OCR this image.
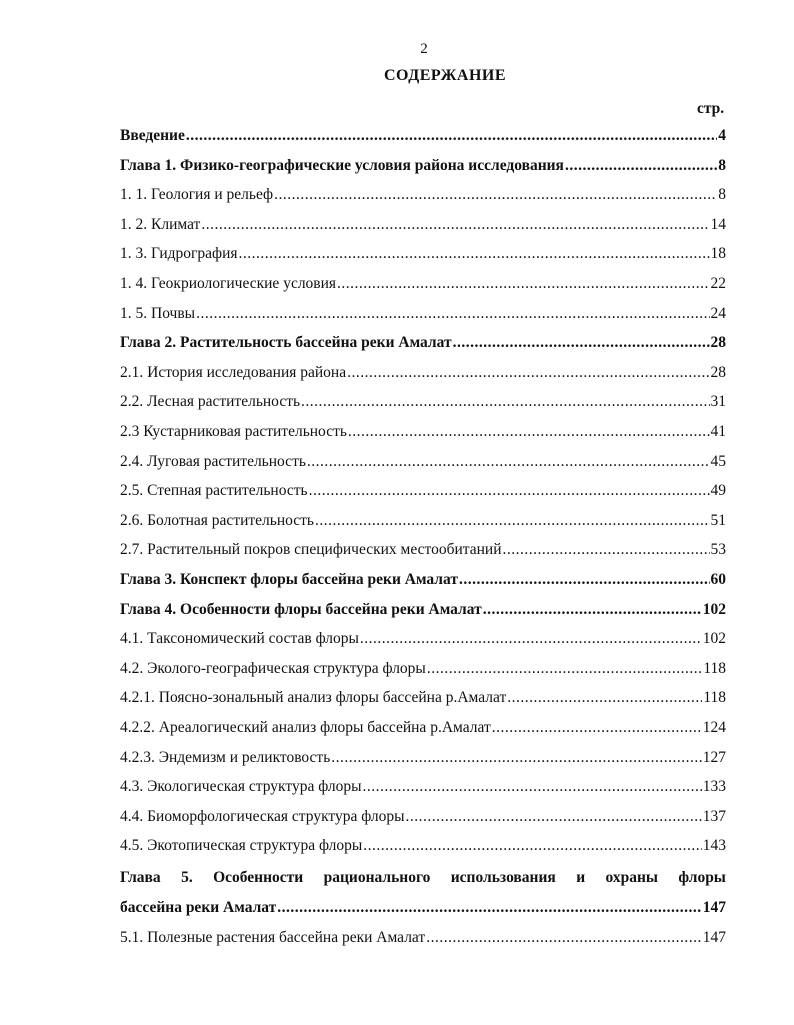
2
СОДЕРЖАНИЕ
стр.
Введение .....	4
Глава 1. Физико-географические условия района исследования .....	8
1. 1. Геология и рельеф .....	8
1. 2. Климат .....	14
1. 3. Гидрография .....	18
1. 4. Геокриологические условия .....	22
1. 5. Почвы .....	24
Глава 2. Растительность бассейна реки Амалат .....	28
2.1. История исследования района .....	28
2.2. Лесная растительность .....	31
2.3 Кустарниковая растительность .....	41
2.4. Луговая растительность .....	45
2.5. Степная растительность .....	49
2.6. Болотная растительность .....	51
2.7. Растительный покров специфических местообитаний .....	53
Глава 3. Конспект флоры бассейна реки Амалат .....	60
Глава 4. Особенности флоры бассейна реки Амалат .....	102
4.1. Таксономический состав флоры .....	102
4.2. Эколого-географическая структура флоры .....	118
4.2.1. Поясно-зональный анализ флоры бассейна р.Амалат .....	118
4.2.2. Ареалогический анализ флоры бассейна р.Амалат .....	124
4.2.3. Эндемизм и реликтовость .....	127
4.3. Экологическая структура флоры .....	133
4.4. Биоморфологическая структура флоры .....	137
4.5. Экотопическая структура флоры .....	143
Глава 5. Особенности рационального использования и охраны флоры
бассейна реки Амалат .....	147
5.1. Полезные растения бассейна реки Амалат .....	147
